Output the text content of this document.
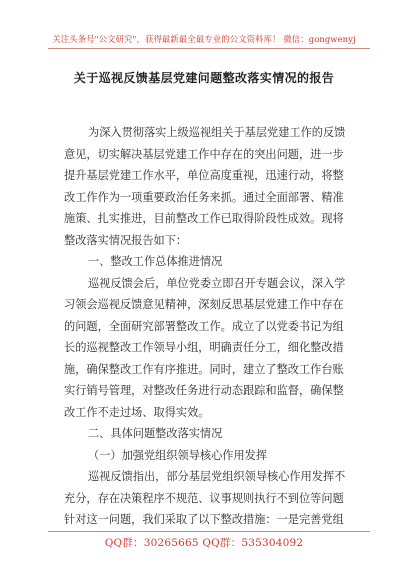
关注头条号"公文研究"，获得最新最全最专业的公文资料库！ 微信：gongwenyj
关于巡视反馈基层党建问题整改落实情况的报告
为深入贯彻落实上级巡视组关于基层党建工作的反馈
意见，切实解决基层党建工作中存在的突出问题，进一步
提升基层党建工作水平，单位高度重视，迅速行动，将整
改工作作为一项重要政治任务来抓。通过全面部署、精准
施策、扎实推进，目前整改工作已取得阶段性成效。现将
整改落实情况报告如下：
一、整改工作总体推进情况
巡视反馈会后，单位党委立即召开专题会议，深入学
习领会巡视反馈意见精神，深刻反思基层党建工作中存在
的问题，全面研究部署整改工作。成立了以党委书记为组
长的巡视整改工作领导小组，明确责任分工，细化整改措
施，确保整改工作有序推进。同时，建立了整改工作台账
实行销号管理，对整改任务进行动态跟踪和监督，确保整
改工作不走过场、取得实效。
二、具体问题整改落实情况
（一）加强党组织领导核心作用发挥
巡视反馈指出，部分基层党组织领导核心作用发挥不
充分，存在决策程序不规范、议事规则执行不到位等问题
针对这一问题，我们采取了以下整改措施：一是完善党组
QQ群：30265665 QQ群：535304092
